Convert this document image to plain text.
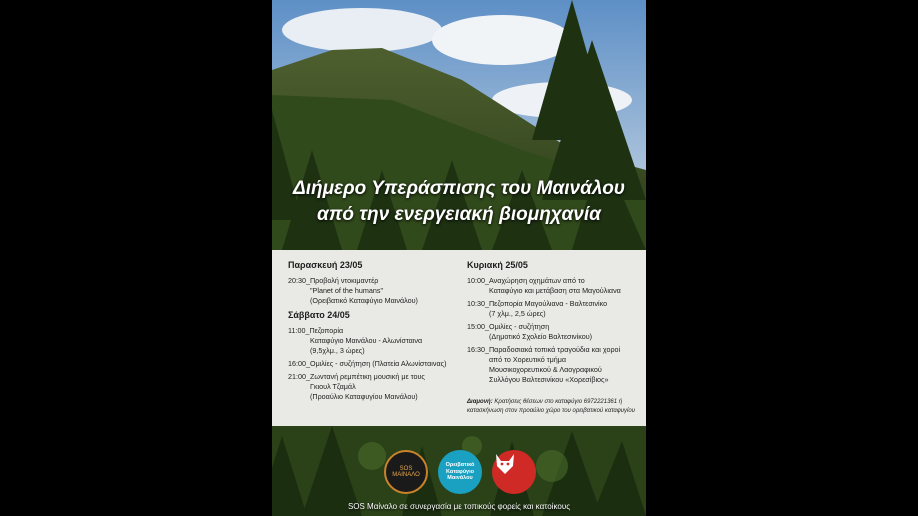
Διήμερο Υπεράσπισης του Μαινάλου
από την ενεργειακή βιομηχανία
Παρασκευή 23/05
20:30_Προβολή ντοκιμαντέρ
"Planet of the humans"
(Ορειβατικό Καταφύγιο Μαινάλου)
Σάββατο 24/05
11:00_Πεζοπορία
Καταφύγιο Μαινάλου - Αλωνίσταινα
(9,5χλμ., 3 ώρες)
16:00_Ομιλίες - συζήτηση (Πλατεία Αλωνίσταινας)
21:00_Ζωντανή ρεμπέτικη μουσική με τους
Γκιουλ Τζαμάλ
(Προαύλιο Καταφυγίου Μαινάλου)
Κυριακή 25/05
10:00_Αναχώρηση οχημάτων από το
Καταφύγιο και μετάβαση στα Μαγούλιανα
10:30_Πεζοπορία Μαγούλιανα - Βαλτεσινίκο
(7 χλμ., 2,5 ώρες)
15:00_Ομιλίες - συζήτηση
(Δημοτικό Σχολείο Βαλτεσινίκου)
16:30_Παραδοσιακά τοπικά τραγούδια και χοροί
από το Χορευτικό τμήμα
Μουσικοχορευτικού & Λαογραφικού
Συλλόγου Βαλτεσινίκου «Χορεσίβιος»
Διαμονή: Κρατήσεις θέσεων στο καταφύγιο 6972221361 ή κατασκήνωση στον προαύλιο χώρο του ορειβατικού καταφυγίου
SOS ΜΑΙΝΑΛΟ
Ορειβατικό Καταφύγιο Μαινάλου
SOS Μαίναλο σε συνεργασία με τοπικούς φορείς και κατοίκους
